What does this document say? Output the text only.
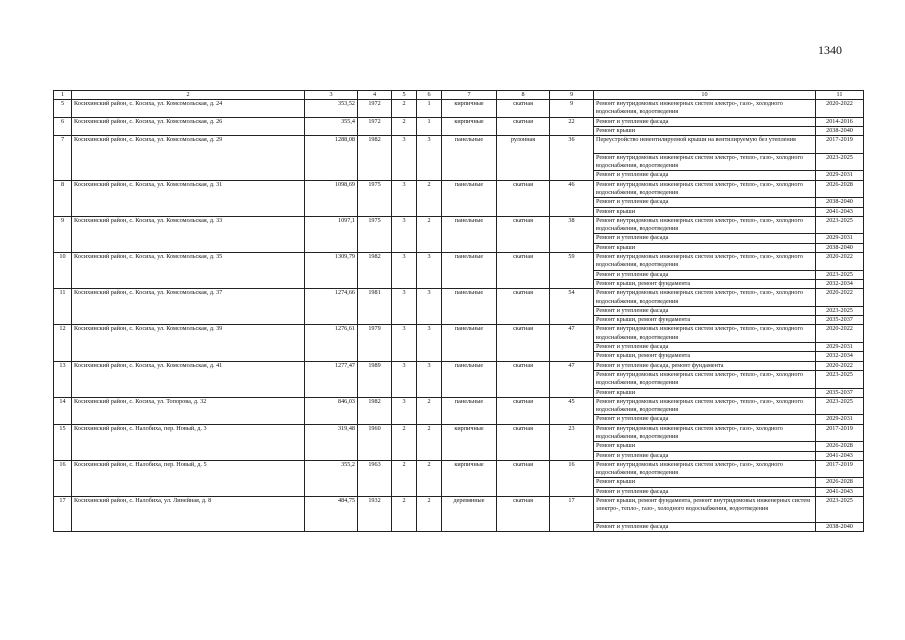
1340
1	2	3	4	5	6	7	8	9	10	11
5	Косихинский район, с. Косиха, ул. Комсомольская, д. 24	353,52	1972	2	1	кирпичные	скатная	9	Ремонт внутридомовых инженерных систем электро-, газо-, холодного водоснабжения, водоотведения	2020-2022
6	Косихинский район, с. Косиха, ул. Комсомольская, д. 26	355,4	1972	2	1	кирпичные	скатная	22	Ремонт и утепление фасада	2014-2016
									Ремонт крыши	2038-2040
7	Косихинский район, с. Косиха, ул. Комсомольская, д. 29	1288,08	1982	3	3	панельные	рулонная	36	Переустройство невентилируемой крыши на вентилируемую без утепления	2017-2019
									Ремонт внутридомовых инженерных систем электро-, тепло-, газо-, холодного водоснабжения, водоотведения	2023-2025
									Ремонт и утепление фасада	2029-2031
8	Косихинский район, с. Косиха, ул. Комсомольская, д. 31	1098,69	1975	3	2	панельные	скатная	46	Ремонт внутридомовых инженерных систем электро-, тепло-, газо-, холодного водоснабжения, водоотведения	2026-2028
									Ремонт и утепление фасада	2038-2040
									Ремонт крыши	2041-2043
9	Косихинский район, с. Косиха, ул. Комсомольская, д. 33	1097,1	1975	3	2	панельные	скатная	38	Ремонт внутридомовых инженерных систем электро-, тепло-, газо-, холодного водоснабжения, водоотведения	2023-2025
									Ремонт и утепление фасада	2029-2031
									Ремонт крыши	2038-2040
10	Косихинский район, с. Косиха, ул. Комсомольская, д. 35	1309,79	1982	3	3	панельные	скатная	59	Ремонт внутридомовых инженерных систем электро-, тепло-, газо-, холодного водоснабжения, водоотведения	2020-2022
									Ремонт и утепление фасада	2023-2025
									Ремонт крыши, ремонт фундамента	2032-2034
11	Косихинский район, с. Косиха, ул. Комсомольская, д. 37	1274,66	1981	3	3	панельные	скатная	54	Ремонт внутридомовых инженерных систем электро-, тепло-, газо-, холодного водоснабжения, водоотведения	2020-2022
									Ремонт и утепление фасада	2023-2025
									Ремонт крыши, ремонт фундамента	2035-2037
12	Косихинский район, с. Косиха, ул. Комсомольская, д. 39	1276,61	1979	3	3	панельные	скатная	47	Ремонт внутридомовых инженерных систем электро-, тепло-, газо-, холодного водоснабжения, водоотведения	2020-2022
									Ремонт и утепление фасада	2029-2031
									Ремонт крыши, ремонт фундамента	2032-2034
13	Косихинский район, с. Косиха, ул. Комсомольская, д. 41	1277,47	1989	3	3	панельные	скатная	47	Ремонт и утепление фасада, ремонт фундамента	2020-2022
									Ремонт внутридомовых инженерных систем электро-, тепло-, газо-, холодного водоснабжения, водоотведения	2023-2025
									Ремонт крыши	2035-2037
14	Косихинский район, с. Косиха, ул. Топорова, д. 32	846,03	1982	3	2	панельные	скатная	45	Ремонт внутридомовых инженерных систем электро-, тепло-, газо-, холодного водоснабжения, водоотведения	2023-2025
									Ремонт и утепление фасада	2029-2031
15	Косихинский район, с. Налобиха, пер. Новый, д. 3	319,48	1960	2	2	кирпичные	скатная	23	Ремонт внутридомовых инженерных систем электро-, газо-, холодного водоснабжения, водоотведения	2017-2019
									Ремонт крыши	2026-2028
									Ремонт и утепление фасада	2041-2043
16	Косихинский район, с. Налобиха, пер. Новый, д. 5	355,2	1963	2	2	кирпичные	скатная	16	Ремонт внутридомовых инженерных систем электро-, газо-, холодного водоснабжения, водоотведения	2017-2019
									Ремонт крыши	2026-2028
									Ремонт и утепление фасада	2041-2043
17	Косихинский район, с. Налобиха, ул. Линейная, д. 8	484,75	1932	2	2	деревянные	скатная	17	Ремонт крыши, ремонт фундамента, ремонт внутридомовых инженерных систем электро-, тепло-, газо-, холодного водоснабжения, водоотведения	2023-2025
									Ремонт и утепление фасада	2038-2040
